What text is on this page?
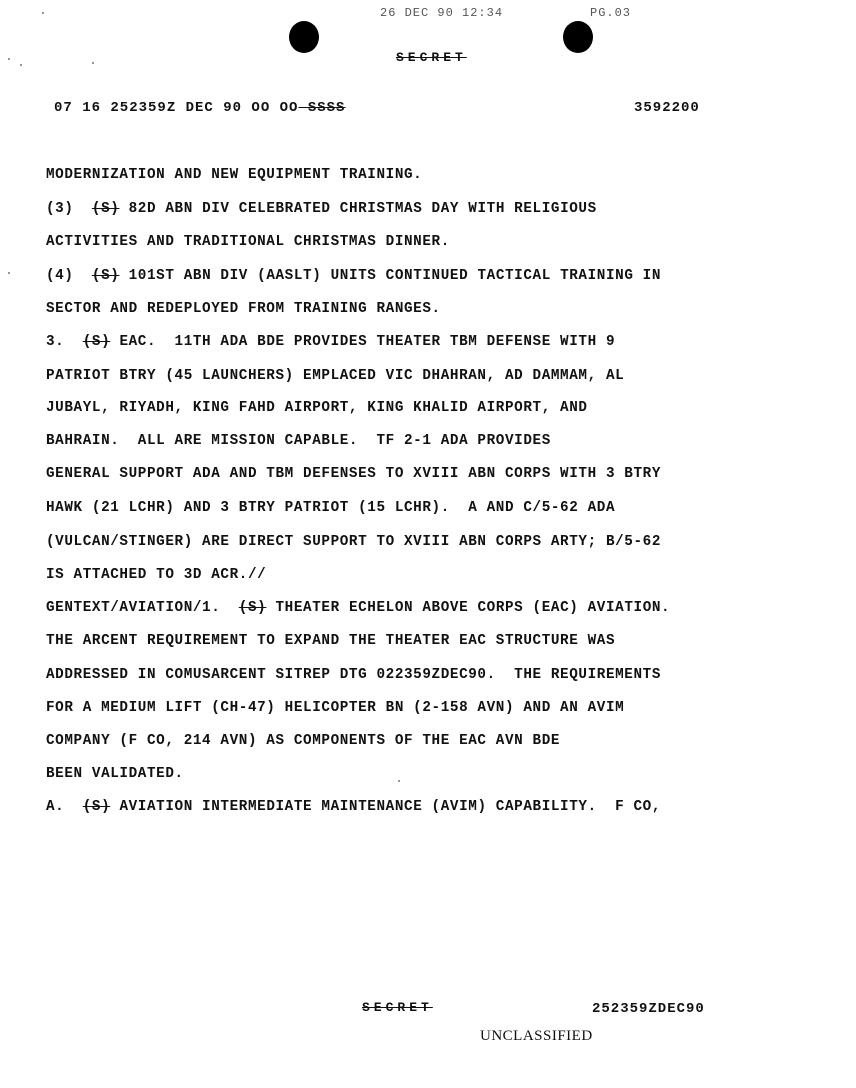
26 DEC 90 12:34	PG.03
SECRET
07 16 252359Z DEC 90 OO OO SSSS	3592200
MODERNIZATION AND NEW EQUIPMENT TRAINING.
(3)  (S) 82D ABN DIV CELEBRATED CHRISTMAS DAY WITH RELIGIOUS
ACTIVITIES AND TRADITIONAL CHRISTMAS DINNER.
(4)  (S) 101ST ABN DIV (AASLT) UNITS CONTINUED TACTICAL TRAINING IN
SECTOR AND REDEPLOYED FROM TRAINING RANGES.
3.  (S) EAC.  11TH ADA BDE PROVIDES THEATER TBM DEFENSE WITH 9
PATRIOT BTRY (45 LAUNCHERS) EMPLACED VIC DHAHRAN, AD DAMMAM, AL
JUBAYL, RIYADH, KING FAHD AIRPORT, KING KHALID AIRPORT, AND
BAHRAIN.  ALL ARE MISSION CAPABLE.  TF 2-1 ADA PROVIDES
GENERAL SUPPORT ADA AND TBM DEFENSES TO XVIII ABN CORPS WITH 3 BTRY
HAWK (21 LCHR) AND 3 BTRY PATRIOT (15 LCHR).  A AND C/5-62 ADA
(VULCAN/STINGER) ARE DIRECT SUPPORT TO XVIII ABN CORPS ARTY; B/5-62
IS ATTACHED TO 3D ACR.//
GENTEXT/AVIATION/1.  (S) THEATER ECHELON ABOVE CORPS (EAC) AVIATION.
THE ARCENT REQUIREMENT TO EXPAND THE THEATER EAC STRUCTURE WAS
ADDRESSED IN COMUSARCENT SITREP DTG 022359ZDEC90.  THE REQUIREMENTS
FOR A MEDIUM LIFT (CH-47) HELICOPTER BN (2-158 AVN) AND AN AVIM
COMPANY (F CO, 214 AVN) AS COMPONENTS OF THE EAC AVN BDE
BEEN VALIDATED.
A.  (S) AVIATION INTERMEDIATE MAINTENANCE (AVIM) CAPABILITY.  F CO,
SECRET	252359ZDEC90
UNCLASSIFIED
